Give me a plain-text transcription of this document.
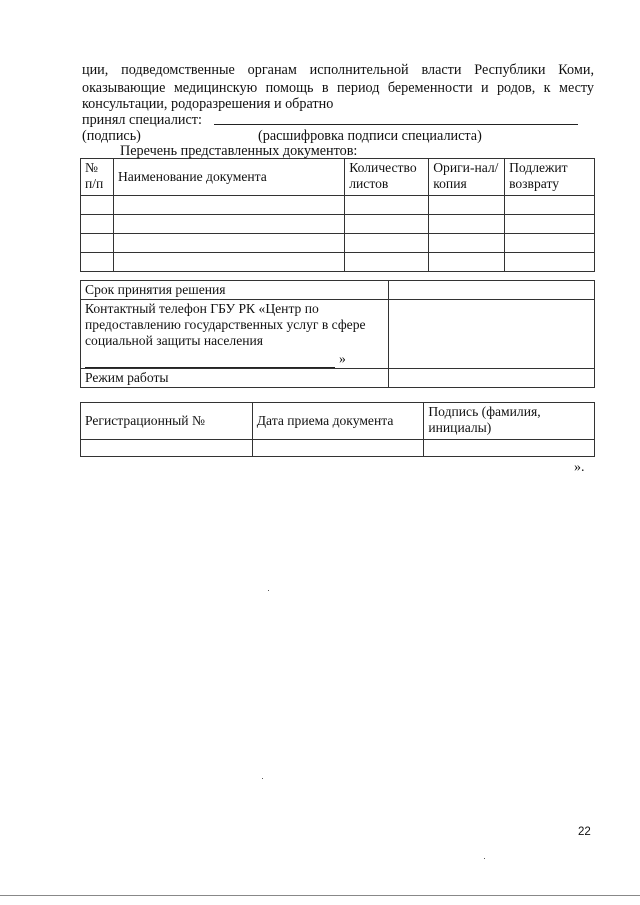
ции, подведомственные органам исполнительной власти Республики Коми,
оказывающие медицинскую помощь в период беременности и родов, к месту
консультации, родоразрешения и обратно
принял специалист:
(подпись)	(расшифровка подписи специалиста)
Перечень представленных документов:
№ п/п	Наименование документа	Количество листов	Ориги-нал/копия	Подлежит возврату

Срок принятия решения	

Контактный телефон ГБУ РК «Центр по предоставлению государственных услуг в сфере социальной защиты населения
»	

Режим работы	
Регистрационный №	Дата приема документа	Подпись (фамилия, инициалы)

».
22
